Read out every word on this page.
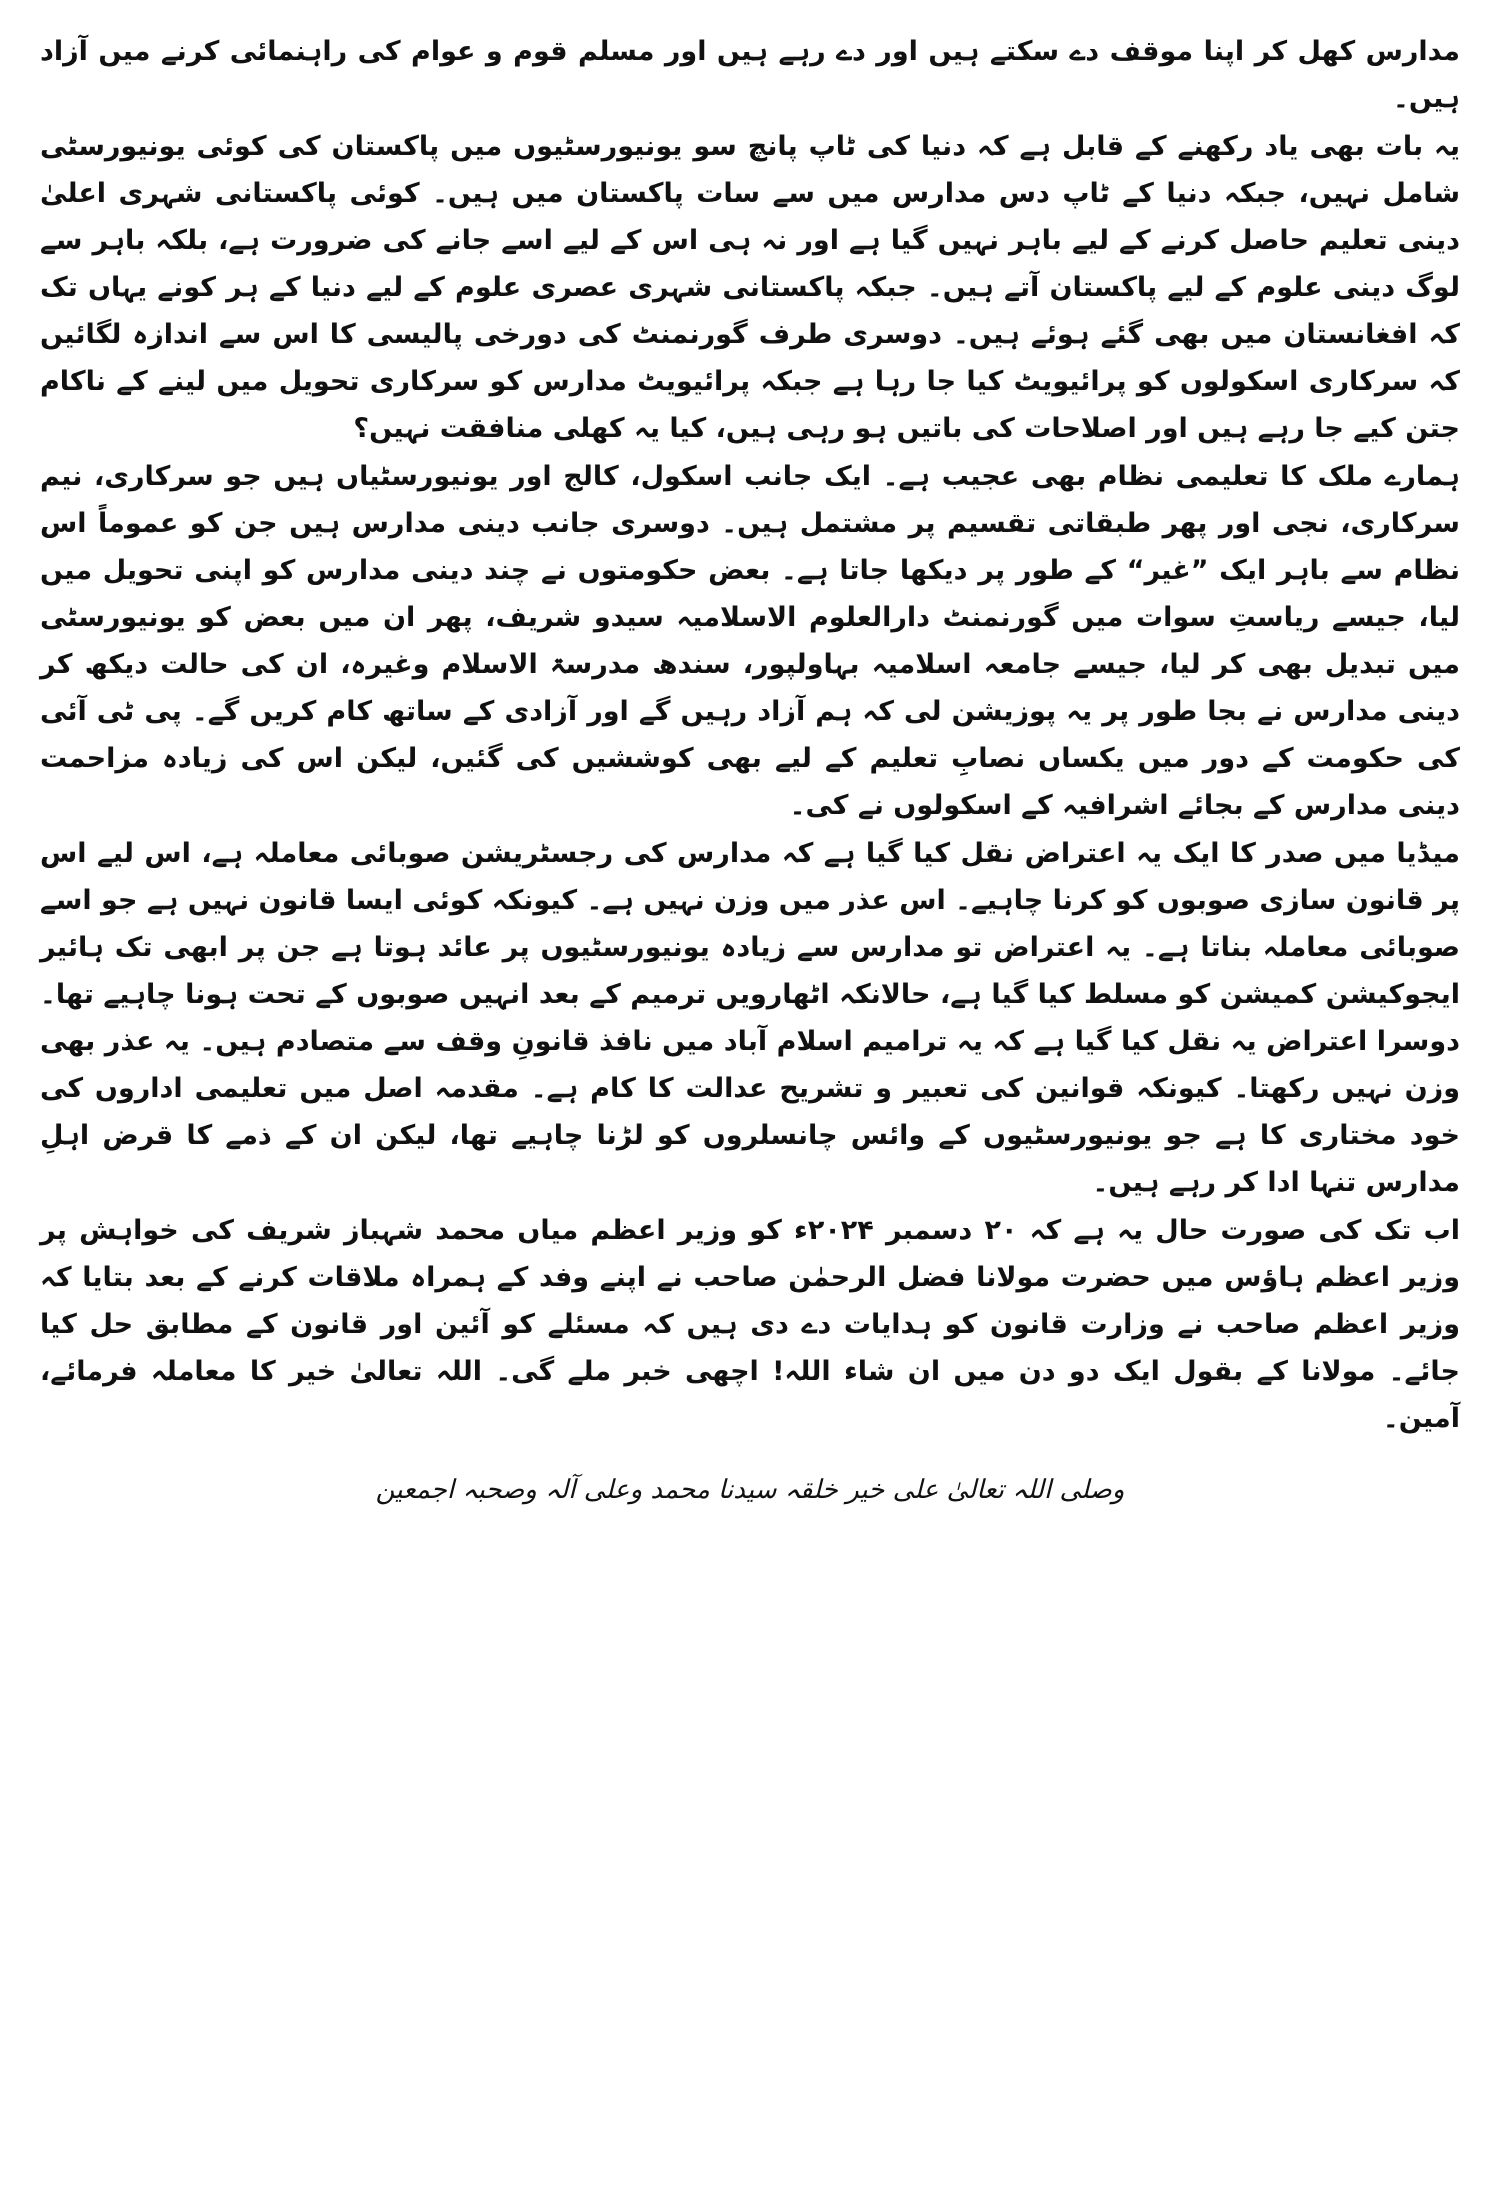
مدارس کھل کر اپنا موقف دے سکتے ہیں اور دے رہے ہیں اور مسلم قوم و عوام کی راہنمائی کرنے میں آزاد ہیں۔

یہ بات بھی یاد رکھنے کے قابل ہے کہ دنیا کی ٹاپ پانچ سو یونیورسٹیوں میں پاکستان کی کوئی یونیورسٹی شامل نہیں، جبکہ دنیا کے ٹاپ دس مدارس میں سے سات پاکستان میں ہیں۔ کوئی پاکستانی شہری اعلیٰ دینی تعلیم حاصل کرنے کے لیے باہر نہیں گیا ہے اور نہ ہی اس کے لیے اسے جانے کی ضرورت ہے، بلکہ باہر سے لوگ دینی علوم کے لیے پاکستان آتے ہیں۔ جبکہ پاکستانی شہری عصری علوم کے لیے دنیا کے ہر کونے یہاں تک کہ افغانستان میں بھی گئے ہوئے ہیں۔ دوسری طرف گورنمنٹ کی دورخی پالیسی کا اس سے اندازہ لگائیں کہ سرکاری اسکولوں کو پرائیویٹ کیا جا رہا ہے جبکہ پرائیویٹ مدارس کو سرکاری تحویل میں لینے کے ناکام جتن کیے جا رہے ہیں اور اصلاحات کی باتیں ہو رہی ہیں، کیا یہ کھلی منافقت نہیں؟

ہمارے ملک کا تعلیمی نظام بھی عجیب ہے۔ ایک جانب اسکول، کالج اور یونیورسٹیاں ہیں جو سرکاری، نیم سرکاری، نجی اور پھر طبقاتی تقسیم پر مشتمل ہیں۔ دوسری جانب دینی مدارس ہیں جن کو عموماً اس نظام سے باہر ایک ”غیر“ کے طور پر دیکھا جاتا ہے۔ بعض حکومتوں نے چند دینی مدارس کو اپنی تحویل میں لیا، جیسے ریاستِ سوات میں گورنمنٹ دارالعلوم الاسلامیہ سیدو شریف، پھر ان میں بعض کو یونیورسٹی میں تبدیل بھی کر لیا، جیسے جامعہ اسلامیہ بہاولپور، سندھ مدرسۃ الاسلام وغیرہ، ان کی حالت دیکھ کر دینی مدارس نے بجا طور پر یہ پوزیشن لی کہ ہم آزاد رہیں گے اور آزادی کے ساتھ کام کریں گے۔ پی ٹی آئی کی حکومت کے دور میں یکساں نصابِ تعلیم کے لیے بھی کوششیں کی گئیں، لیکن اس کی زیادہ مزاحمت دینی مدارس کے بجائے اشرافیہ کے اسکولوں نے کی۔

میڈیا میں صدر کا ایک یہ اعتراض نقل کیا گیا ہے کہ مدارس کی رجسٹریشن صوبائی معاملہ ہے، اس لیے اس پر قانون سازی صوبوں کو کرنا چاہیے۔ اس عذر میں وزن نہیں ہے۔ کیونکہ کوئی ایسا قانون نہیں ہے جو اسے صوبائی معاملہ بناتا ہے۔ یہ اعتراض تو مدارس سے زیادہ یونیورسٹیوں پر عائد ہوتا ہے جن پر ابھی تک ہائیر ایجوکیشن کمیشن کو مسلط کیا گیا ہے، حالانکہ اٹھارویں ترمیم کے بعد انہیں صوبوں کے تحت ہونا چاہیے تھا۔ دوسرا اعتراض یہ نقل کیا گیا ہے کہ یہ ترامیم اسلام آباد میں نافذ قانونِ وقف سے متصادم ہیں۔ یہ عذر بھی وزن نہیں رکھتا۔ کیونکہ قوانین کی تعبیر و تشریح عدالت کا کام ہے۔ مقدمہ اصل میں تعلیمی اداروں کی خود مختاری کا ہے جو یونیورسٹیوں کے وائس چانسلروں کو لڑنا چاہیے تھا، لیکن ان کے ذمے کا قرض اہلِ مدارس تنہا ادا کر رہے ہیں۔

اب تک کی صورت حال یہ ہے کہ ۲۰ دسمبر ۲۰۲۴ء کو وزیر اعظم میاں محمد شہباز شریف کی خواہش پر وزیر اعظم ہاؤس میں حضرت مولانا فضل الرحمٰن صاحب نے اپنے وفد کے ہمراہ ملاقات کرنے کے بعد بتایا کہ وزیر اعظم صاحب نے وزارت قانون کو ہدایات دے دی ہیں کہ مسئلے کو آئین اور قانون کے مطابق حل کیا جائے۔ مولانا کے بقول ایک دو دن میں ان شاء اللہ! اچھی خبر ملے گی۔ اللہ تعالیٰ خیر کا معاملہ فرمائے، آمین۔

وصلی اللہ تعالیٰ علی خیر خلقہ سیدنا محمد وعلی آلہ وصحبہ اجمعین
